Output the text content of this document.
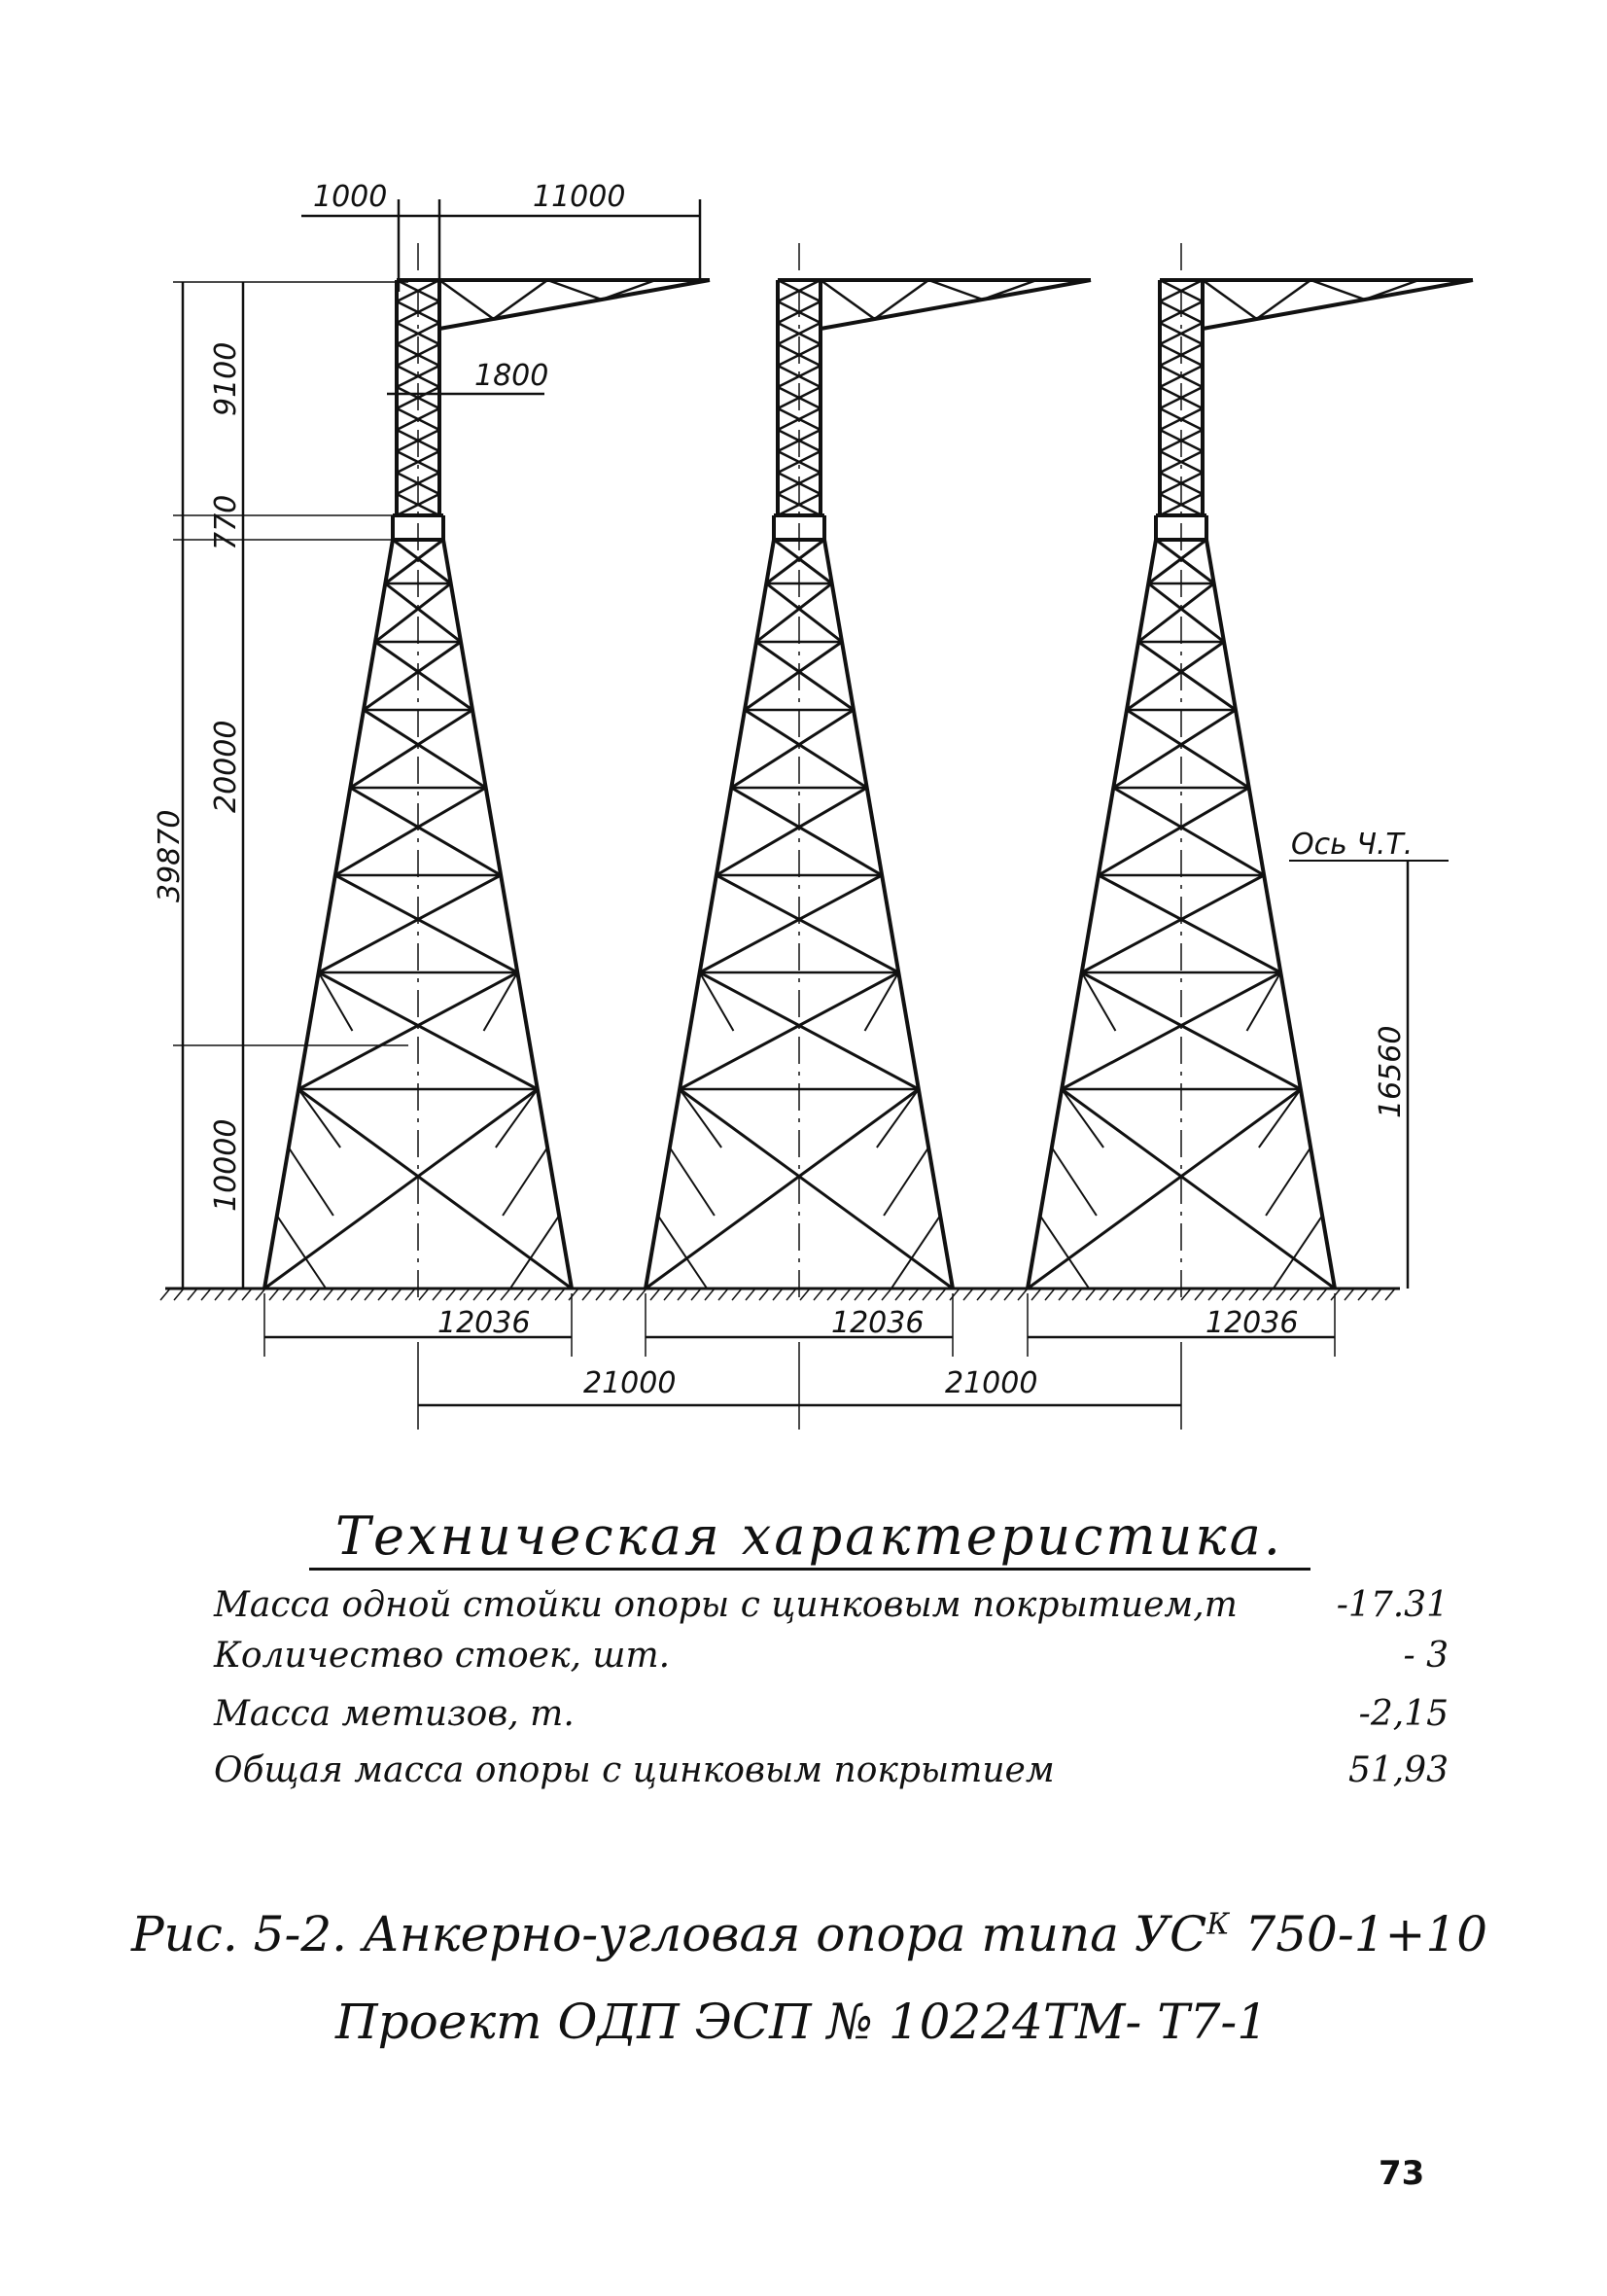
1000	11000
1800
9100
770
39870
20000
10000
12036	12036	12036
21000	21000
16560
Ось Ч.Т.
Техническая характеристика.
Масса одной стойки опоры с цинковым покрытием,т	-17.31
Количество стоек, шт.	- 3
Масса метизов, т.	-2,15
Общая масса опоры с цинковым покрытием	51,93
Рис. 5-2. Анкерно-угловая опора типа $УС^К$ 750-1+10
Проект ОДП ЭСП № 10224ТМ- Т7-1
73
